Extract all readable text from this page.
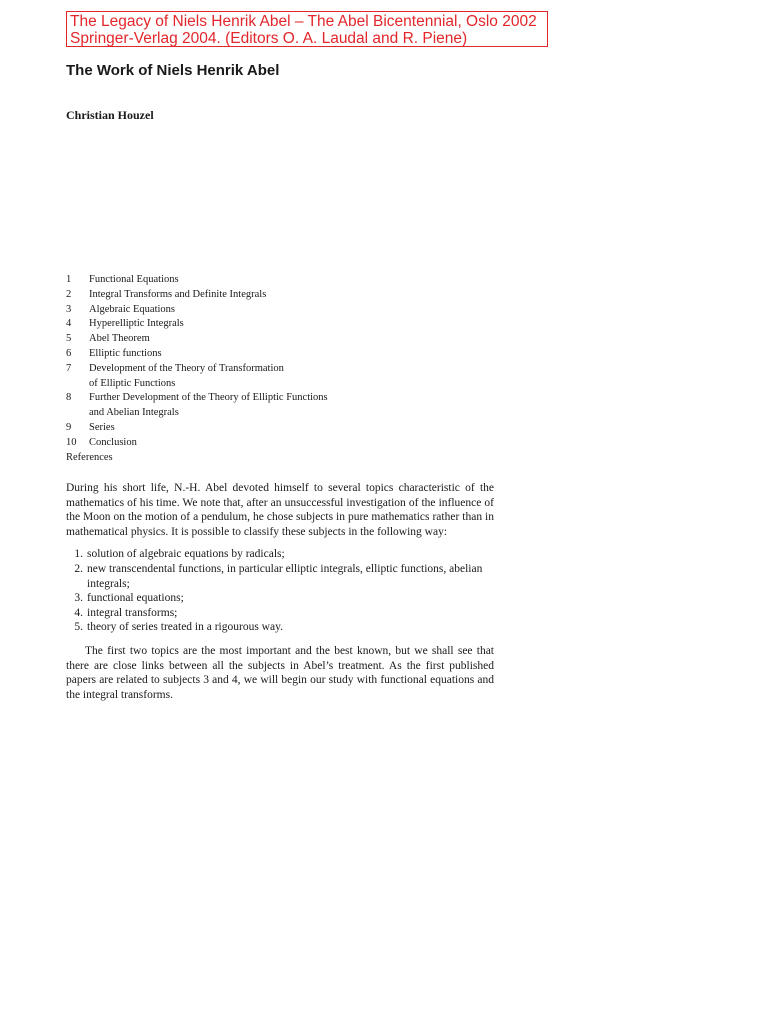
The Legacy of Niels Henrik Abel – The Abel Bicentennial, Oslo 2002
Springer-Verlag 2004. (Editors O. A. Laudal and R. Piene)
The Work of Niels Henrik Abel
Christian Houzel
1	Functional Equations
2	Integral Transforms and Definite Integrals
3	Algebraic Equations
4	Hyperelliptic Integrals
5	Abel Theorem
6	Elliptic functions
7	Development of the Theory of Transformation
of Elliptic Functions
8	Further Development of the Theory of Elliptic Functions
and Abelian Integrals
9	Series
10	Conclusion
References

During his short life, N.-H. Abel devoted himself to several topics characteristic of the mathematics of his time. We note that, after an unsuccessful investigation of the influence of the Moon on the motion of a pendulum, he chose subjects in pure mathematics rather than in mathematical physics. It is possible to classify these subjects in the following way:

1. solution of algebraic equations by radicals;
2. new transcendental functions, in particular elliptic integrals, elliptic functions, abelian integrals;
3. functional equations;
4. integral transforms;
5. theory of series treated in a rigourous way.

The first two topics are the most important and the best known, but we shall see that there are close links between all the subjects in Abel’s treatment. As the first published papers are related to subjects 3 and 4, we will begin our study with functional equations and the integral transforms.
